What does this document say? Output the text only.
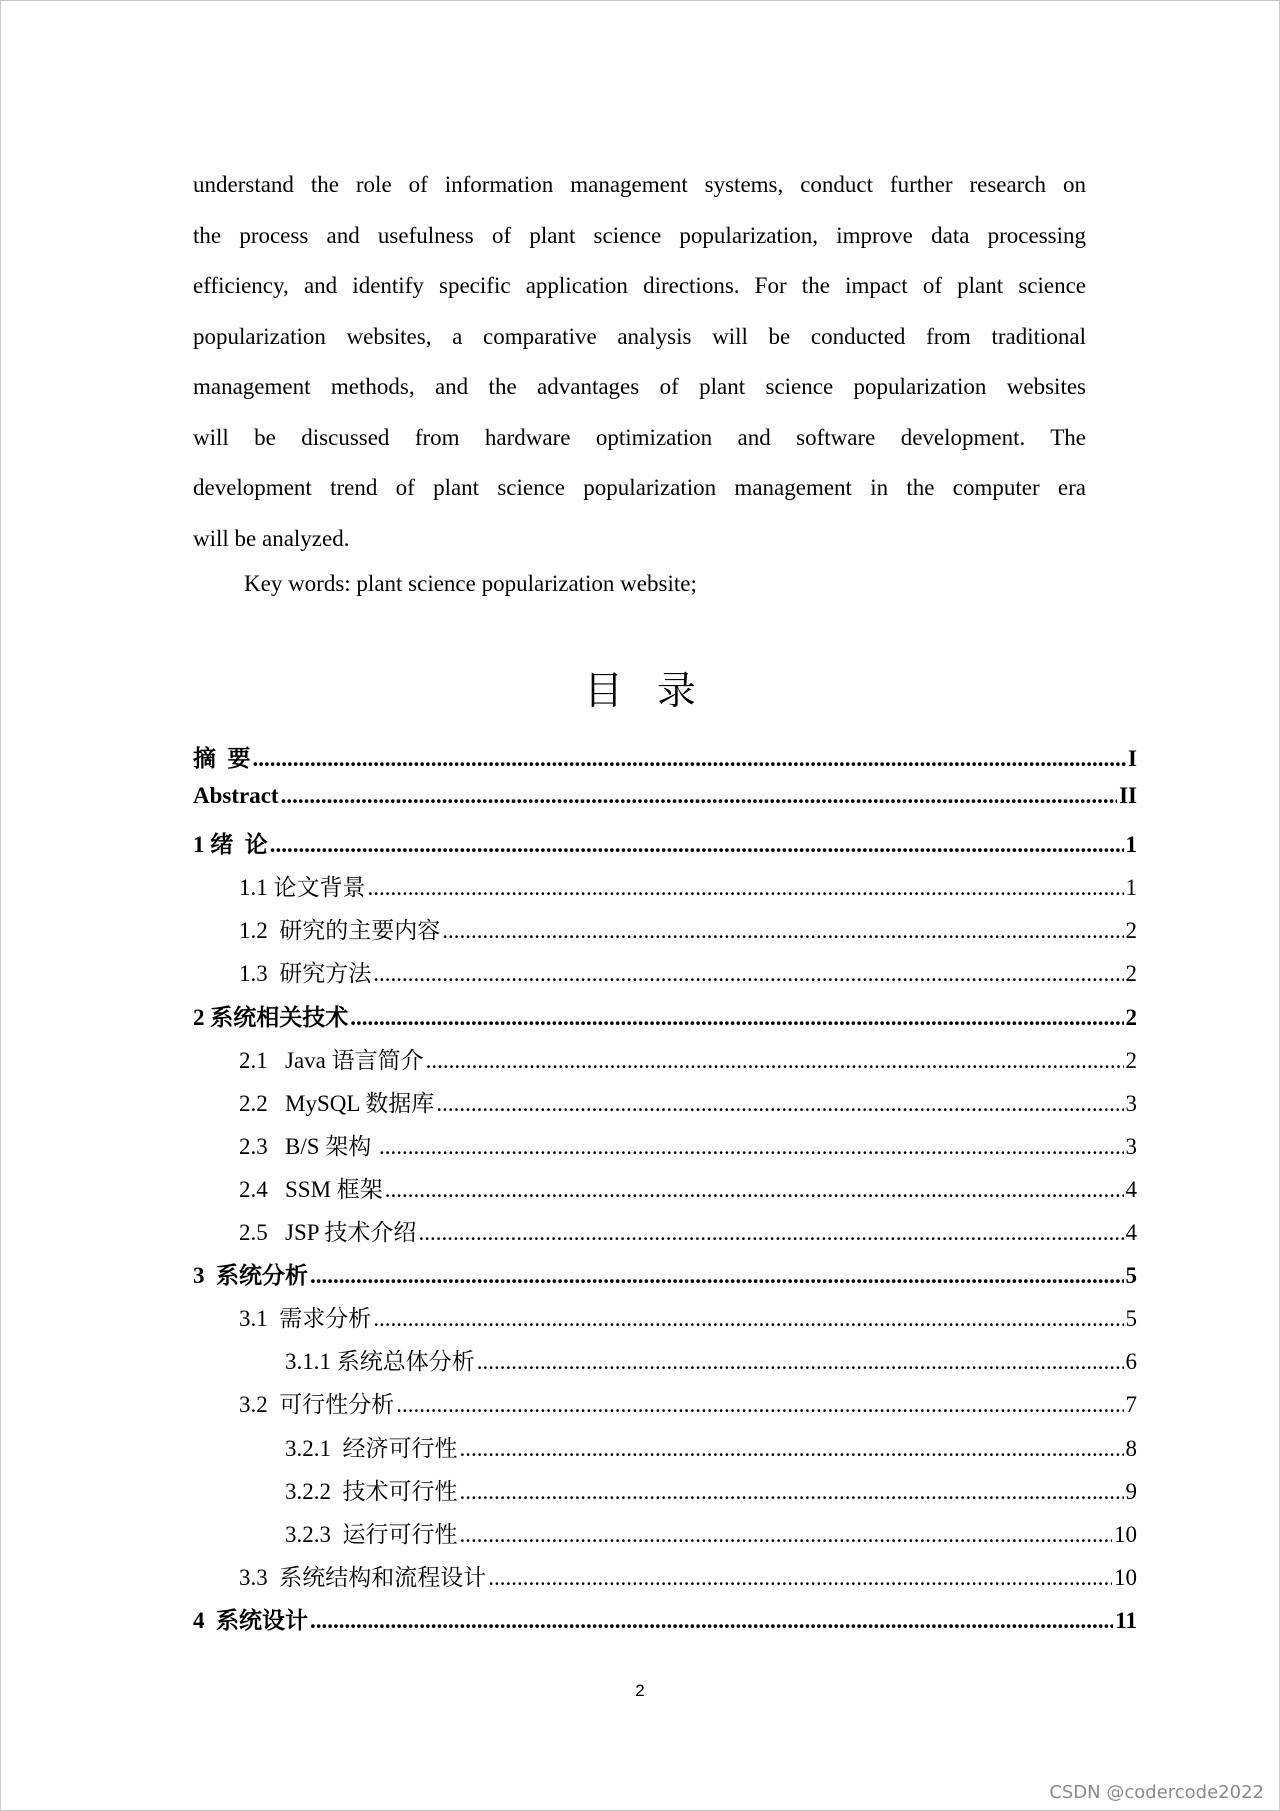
understand the role of information management systems, conduct further research on

the process and usefulness of plant science popularization, improve data processing

efficiency, and identify specific application directions. For the impact of plant science

popularization websites, a comparative analysis will be conducted from traditional

management methods, and the advantages of plant science popularization websites

will be discussed from hardware optimization and software development. The

development trend of plant science popularization management in the computer era

will be analyzed.

Key words: plant science popularization website;
目录
摘  要 .....	I
Abstract .....	II
1 绪  论 .....	1
1.1 论文背景 .....	1
1.2  研究的主要内容 .....	2
1.3  研究方法 .....	2
2 系统相关技术 .....	2
2.1   Java 语言简介 .....	2
2.2   MySQL 数据库 .....	3
2.3   B/S 架构 .....	3
2.4   SSM 框架 .....	4
2.5   JSP 技术介绍 .....	4
3  系统分析 .....	5
3.1  需求分析 .....	5
3.1.1 系统总体分析 .....	6
3.2  可行性分析 .....	7
3.2.1  经济可行性 .....	8
3.2.2  技术可行性 .....	9
3.2.3  运行可行性 .....	10
3.3  系统结构和流程设计 .....	10
4  系统设计 .....	11
2
CSDN @codercode2022
